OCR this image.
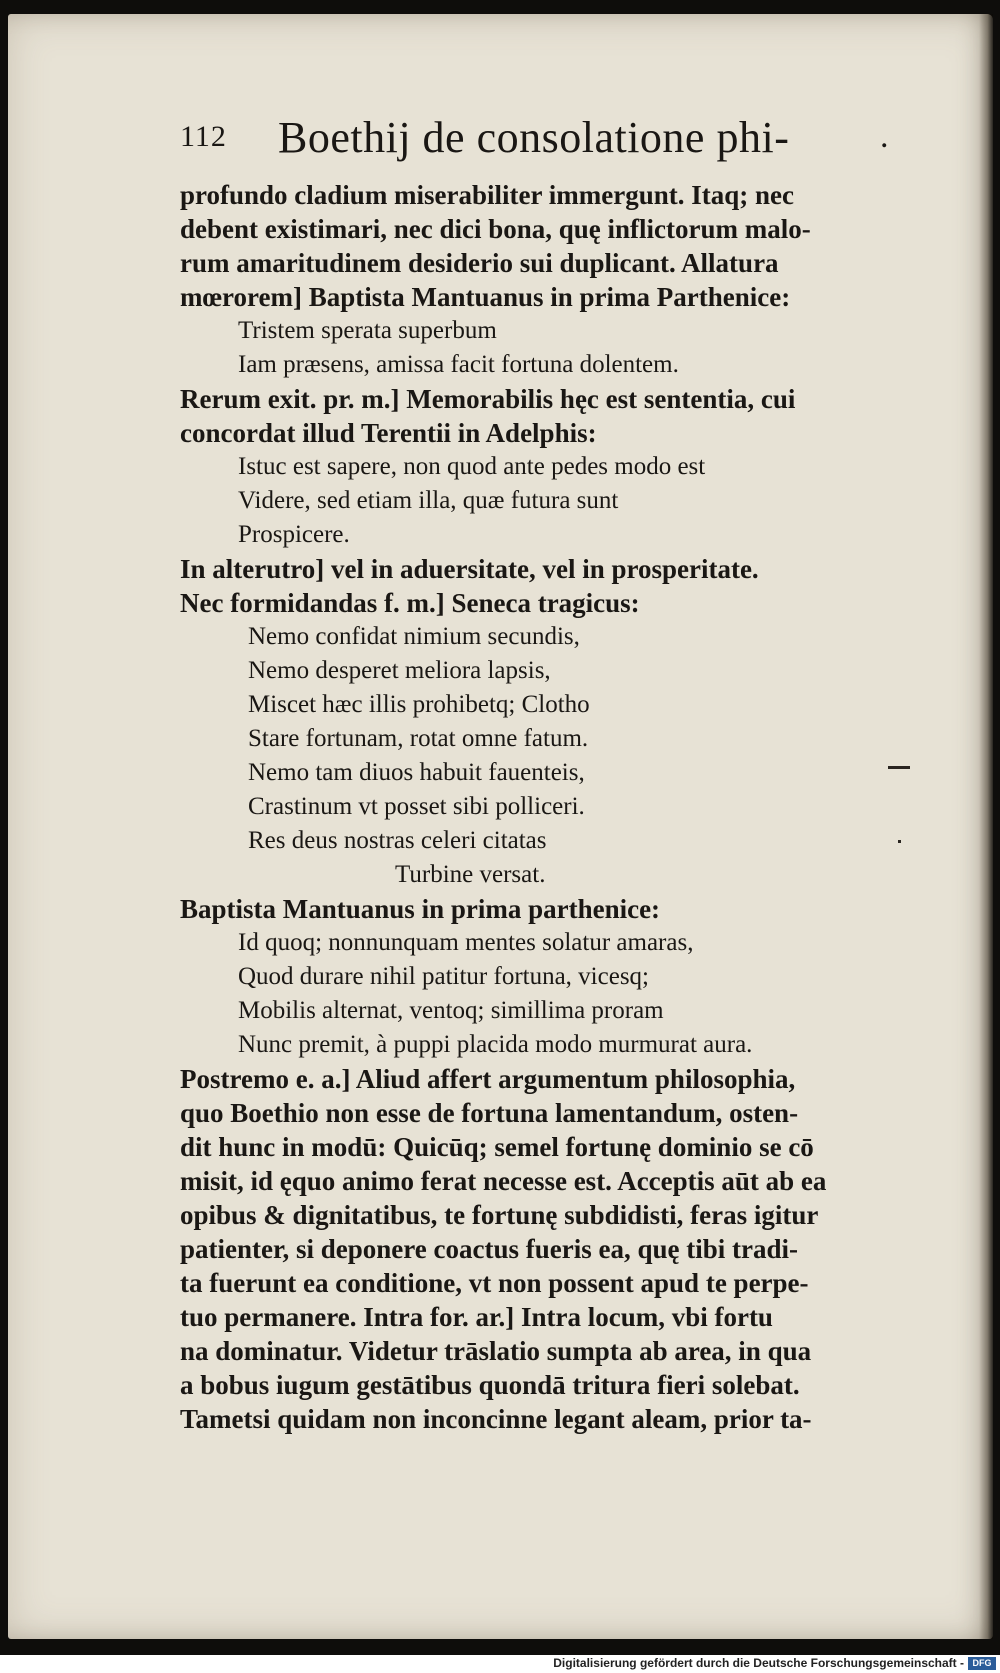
112 Boethij de consolatione phi-	.
profundo cladium miserabiliter immergunt. Itaq; nec
debent existimari, nec dici bona, quę inflictorum malo-
rum amaritudinem desiderio sui duplicant. Allatura
mœrorem] Baptista Mantuanus in prima Parthenice:
Tristem sperata superbum
Iam præsens, amissa facit fortuna dolentem.
Rerum exit. pr. m.] Memorabilis hęc est sententia, cui
concordat illud Terentii in Adelphis:
Istuc est sapere, non quod ante pedes modo est
Videre, sed etiam illa, quæ futura sunt
Prospicere.
In alterutro] vel in aduersitate, vel in prosperitate.
Nec formidandas f. m.] Seneca tragicus:
Nemo confidat nimium secundis,
Nemo desperet meliora lapsis,
Miscet hæc illis prohibetq; Clotho
Stare fortunam, rotat omne fatum.
Nemo tam diuos habuit fauenteis,
Crastinum vt posset sibi polliceri.
Res deus nostras celeri citatas
Turbine versat.
Baptista Mantuanus in prima parthenice:
Id quoq; nonnunquam mentes solatur amaras,
Quod durare nihil patitur fortuna, vicesq;
Mobilis alternat, ventoq; simillima proram
Nunc premit, à puppi placida modo murmurat aura.
Postremo e. a.] Aliud affert argumentum philosophia,
quo Boethio non esse de fortuna lamentandum, osten-
dit hunc in modū: Quicūq; semel fortunę dominio se cō
misit, id ęquo animo ferat necesse est. Acceptis aūt ab ea
opibus & dignitatibus, te fortunę subdidisti, feras igitur
patienter, si deponere coactus fueris ea, quę tibi tradi-
ta fuerunt ea conditione, vt non possent apud te perpe-
tuo permanere. Intra for. ar.] Intra locum, vbi fortu
na dominatur. Videtur trāslatio sumpta ab area, in qua
a bobus iugum gestātibus quondā tritura fieri solebat.
Tametsi quidam non inconcinne legant aleam, prior ta-
Digitalisierung gefördert durch die Deutsche Forschungsgemeinschaft - DFG
